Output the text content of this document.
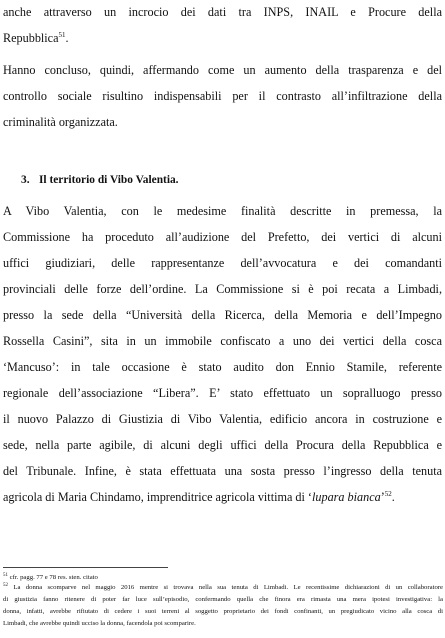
anche attraverso un incrocio dei dati tra INPS, INAIL e Procure della
Repubblica$^{51}$.
Hanno concluso, quindi, affermando come un aumento della trasparenza e del
controllo sociale risultino indispensabili per il contrasto all’infiltrazione della
criminalità organizzata.
3. Il territorio di Vibo Valentia.
A Vibo Valentia, con le medesime finalità descritte in premessa, la
Commissione ha proceduto all’audizione del Prefetto, dei vertici di alcuni
uffici giudiziari, delle rappresentanze dell’avvocatura e dei comandanti
provinciali delle forze dell’ordine. La Commissione si è poi recata a Limbadi,
presso la sede della “Università della Ricerca, della Memoria e dell’Impegno
Rossella Casini”, sita in un immobile confiscato a uno dei vertici della cosca
‘Mancuso’: in tale occasione è stato audito don Ennio Stamile, referente
regionale dell’associazione “Libera”. E’ stato effettuato un sopralluogo presso
il nuovo Palazzo di Giustizia di Vibo Valentia, edificio ancora in costruzione e
sede, nella parte agibile, di alcuni degli uffici della Procura della Repubblica e
del Tribunale. Infine, è stata effettuata una sosta presso l’ingresso della tenuta
agricola di Maria Chindamo, imprenditrice agricola vittima di ‘lupara bianca’$^{52}$.
$^{51}$ cfr. pagg. 77 e 78 res. sten. citato
$^{52}$ La donna scomparve nel maggio 2016 mentre si trovava nella sua tenuta di Limbadi. Le recentissime dichiarazioni di un collaboratore
di giustizia fanno ritenere di poter far luce sull’episodio, confermando quella che finora era rimasta una mera ipotesi investigativa: la
donna, infatti, avrebbe rifiutato di cedere i suoi terreni al soggetto proprietario dei fondi confinanti, un pregiudicato vicino alla cosca di
Limbadi, che avrebbe quindi ucciso la donna, facendola poi scomparire.
